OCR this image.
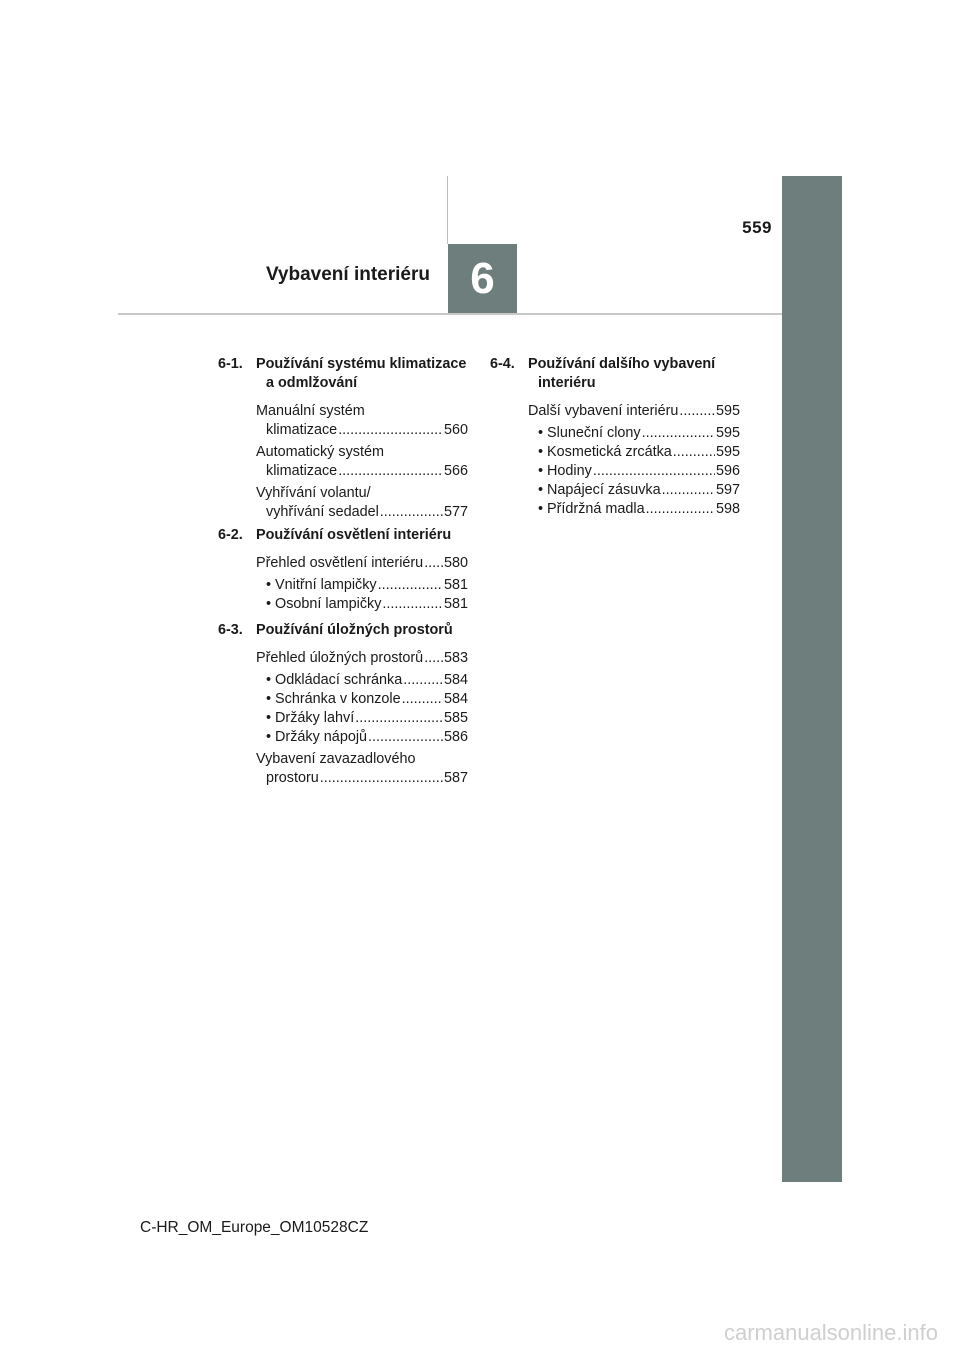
559
Vybavení interiéru 6
6-1. Používání systému klimatizace a odmlžování
Manuální systém
klimatizace .....	560
Automatický systém
klimatizace .....	566
Vyhřívání volantu/
vyhřívání sedadel .....	577
6-2. Používání osvětlení interiéru
Přehled osvětlení interiéru ..... 580
• Vnitřní lampičky .....	581
• Osobní lampičky .....	581
6-3. Používání úložných prostorů
Přehled úložných prostorů ..... 583
• Odkládací schránka .....	584
• Schránka v konzole .....	584
• Držáky lahví .....	585
• Držáky nápojů .....	586
Vybavení zavazadlového
prostoru .....	587
6-4. Používání dalšího vybavení interiéru
Další vybavení interiéru .....	595
• Sluneční clony .....	595
• Kosmetická zrcátka .....	595
• Hodiny .....	596
• Napájecí zásuvka .....	597
• Přídržná madla .....	598
C-HR_OM_Europe_OM10528CZ
carmanualsonline.info
